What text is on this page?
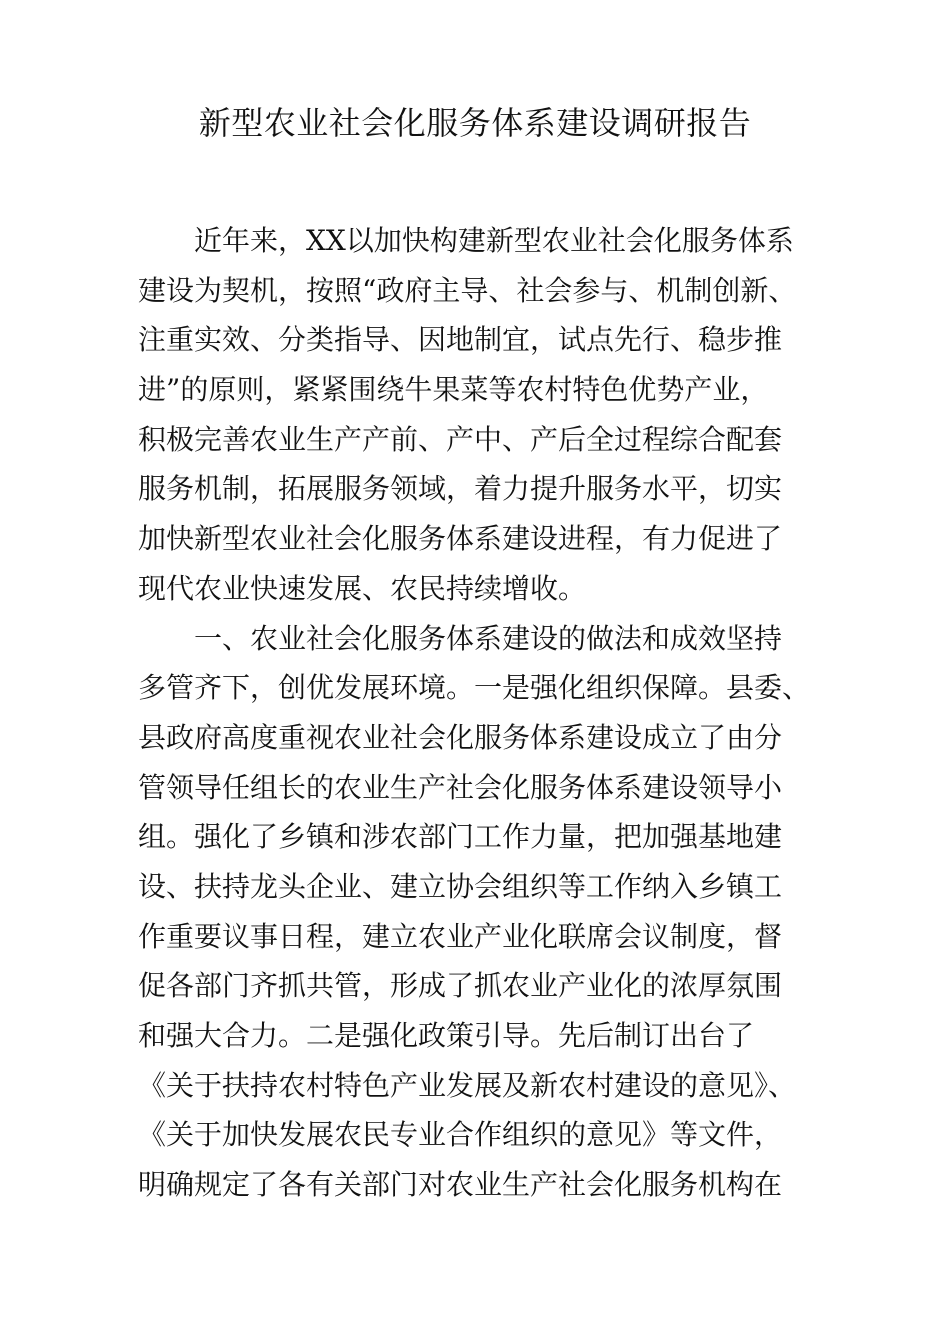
新型农业社会化服务体系建设调研报告
近年来，XX以加快构建新型农业社会化服务体系
建设为契机，按照“政府主导、社会参与、机制创新、
注重实效、分类指导、因地制宜，试点先行、稳步推
进”的原则，紧紧围绕牛果菜等农村特色优势产业，
积极完善农业生产产前、产中、产后全过程综合配套
服务机制，拓展服务领域，着力提升服务水平，切实
加快新型农业社会化服务体系建设进程，有力促进了
现代农业快速发展、农民持续增收。
一、农业社会化服务体系建设的做法和成效坚持
多管齐下，创优发展环境。一是强化组织保障。县委、
县政府高度重视农业社会化服务体系建设成立了由分
管领导任组长的农业生产社会化服务体系建设领导小
组。强化了乡镇和涉农部门工作力量，把加强基地建
设、扶持龙头企业、建立协会组织等工作纳入乡镇工
作重要议事日程，建立农业产业化联席会议制度，督
促各部门齐抓共管，形成了抓农业产业化的浓厚氛围
和强大合力。二是强化政策引导。先后制订出台了
《关于扶持农村特色产业发展及新农村建设的意见》、
《关于加快发展农民专业合作组织的意见》等文件，
明确规定了各有关部门对农业生产社会化服务机构在
